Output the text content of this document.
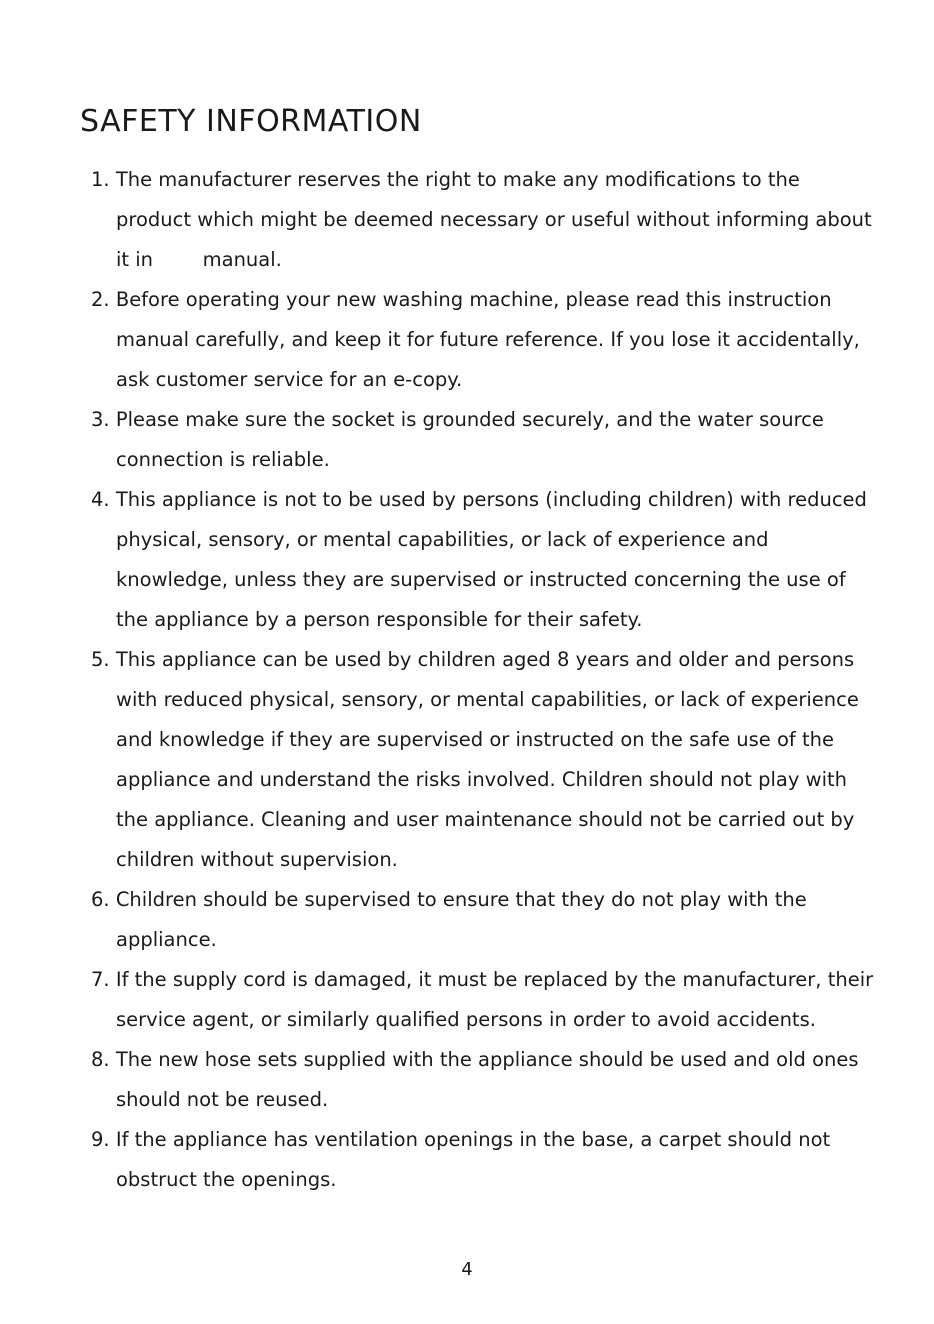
SAFETY INFORMATION
1. The manufacturer reserves the right to make any modifications to the product which might be deemed necessary or useful without informing about it in        manual.
2. Before operating your new washing machine, please read this instruction manual carefully, and keep it for future reference. If you lose it accidentally, ask customer service for an e-copy.
3. Please make sure the socket is grounded securely, and the water source connection is reliable.
4. This appliance is not to be used by persons (including children) with reduced physical, sensory, or mental capabilities, or lack of experience and knowledge, unless they are supervised or instructed concerning the use of the appliance by a person responsible for their safety.
5. This appliance can be used by children aged 8 years and older and persons with reduced physical, sensory, or mental capabilities, or lack of experience and knowledge if they are supervised or instructed on the safe use of the appliance and understand the risks involved. Children should not play with the appliance. Cleaning and user maintenance should not be carried out by children without supervision.
6. Children should be supervised to ensure that they do not play with the appliance.
7. If the supply cord is damaged, it must be replaced by the manufacturer, their service agent, or similarly qualified persons in order to avoid accidents.
8. The new hose sets supplied with the appliance should be used and old ones should not be reused.
9. If the appliance has ventilation openings in the base, a carpet should not obstruct the openings.
4
